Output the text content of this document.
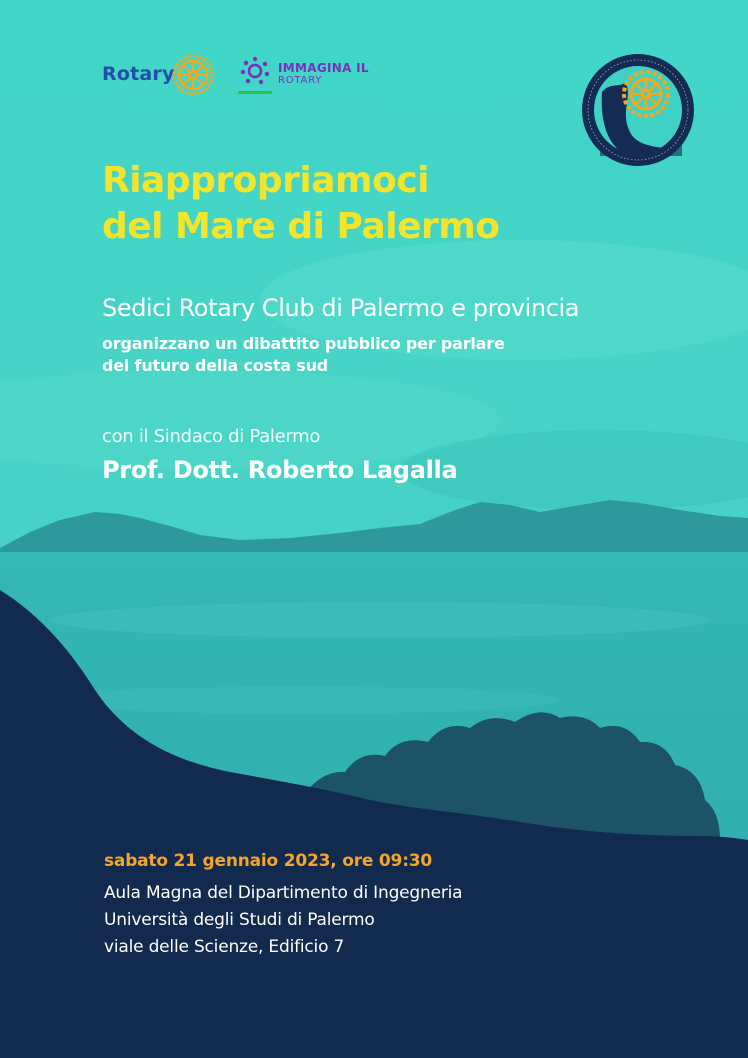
Rotary	IMMAGINA IL
ROTARY
Riappropriamoci
del Mare di Palermo
Sedici Rotary Club di Palermo e provincia
organizzano un dibattito pubblico per parlare
del futuro della costa sud
con il Sindaco di Palermo
Prof. Dott. Roberto Lagalla
sabato 21 gennaio 2023, ore 09:30
Aula Magna del Dipartimento di Ingegneria
Università degli Studi di Palermo
viale delle Scienze, Edificio 7
